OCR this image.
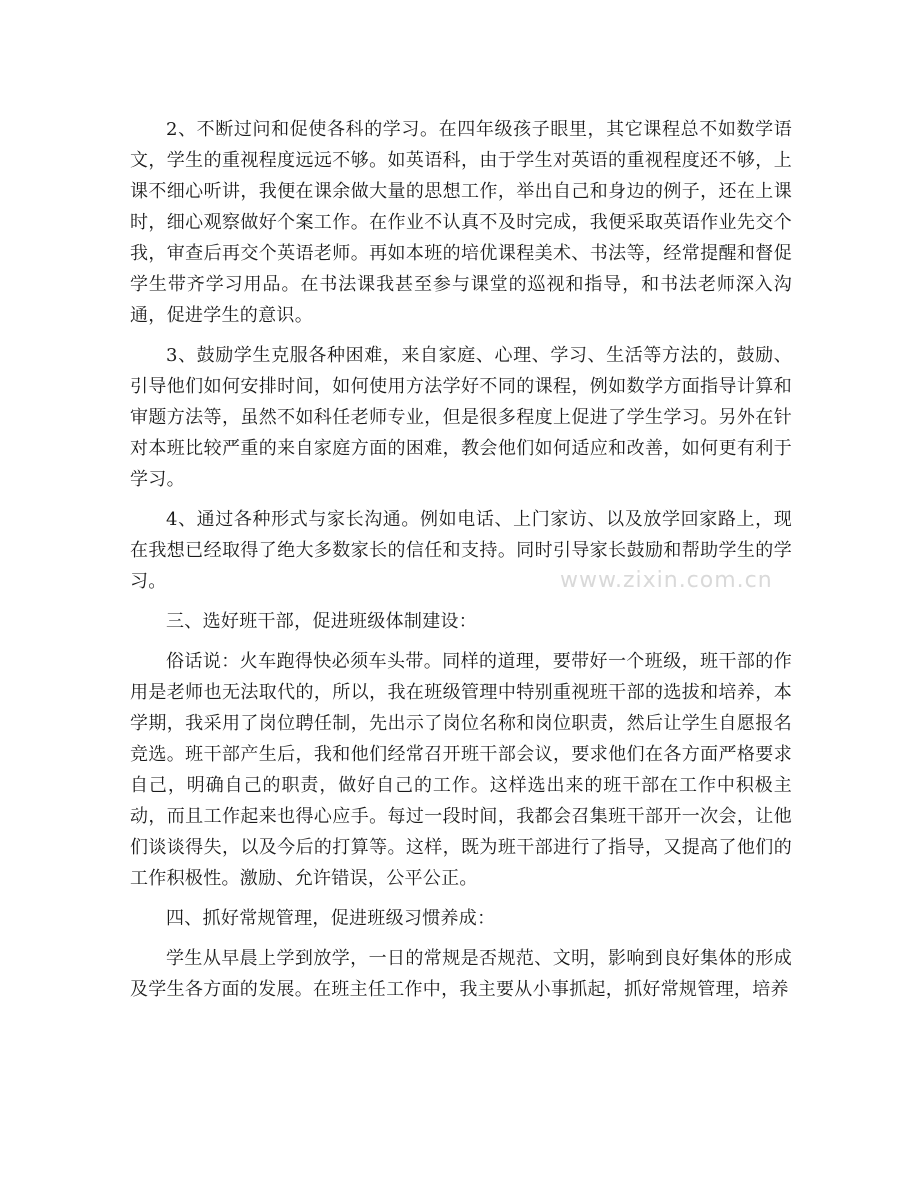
www.zixin.com.cn

2、不断过问和促使各科的学习。在四年级孩子眼里，其它课程总不如数学语文，学生的重视程度远远不够。如英语科，由于学生对英语的重视程度还不够，上课不细心听讲，我便在课余做大量的思想工作，举出自己和身边的例子，还在上课时，细心观察做好个案工作。在作业不认真不及时完成，我便采取英语作业先交个我，审查后再交个英语老师。再如本班的培优课程美术、书法等，经常提醒和督促学生带齐学习用品。在书法课我甚至参与课堂的巡视和指导，和书法老师深入沟通，促进学生的意识。

3、鼓励学生克服各种困难，来自家庭、心理、学习、生活等方法的，鼓励、引导他们如何安排时间，如何使用方法学好不同的课程，例如数学方面指导计算和审题方法等，虽然不如科任老师专业，但是很多程度上促进了学生学习。另外在针对本班比较严重的来自家庭方面的困难，教会他们如何适应和改善，如何更有利于学习。

4、通过各种形式与家长沟通。例如电话、上门家访、以及放学回家路上，现在我想已经取得了绝大多数家长的信任和支持。同时引导家长鼓励和帮助学生的学习。

三、选好班干部，促进班级体制建设：

俗话说：火车跑得快必须车头带。同样的道理，要带好一个班级，班干部的作用是老师也无法取代的，所以，我在班级管理中特别重视班干部的选拔和培养，本学期，我采用了岗位聘任制，先出示了岗位名称和岗位职责，然后让学生自愿报名竞选。班干部产生后，我和他们经常召开班干部会议，要求他们在各方面严格要求自己，明确自己的职责，做好自己的工作。这样选出来的班干部在工作中积极主动，而且工作起来也得心应手。每过一段时间，我都会召集班干部开一次会，让他们谈谈得失，以及今后的打算等。这样，既为班干部进行了指导，又提高了他们的工作积极性。激励、允许错误，公平公正。

四、抓好常规管理，促进班级习惯养成：

学生从早晨上学到放学，一日的常规是否规范、文明，影响到良好集体的形成及学生各方面的发展。在班主任工作中，我主要从小事抓起，抓好常规管理，培养
